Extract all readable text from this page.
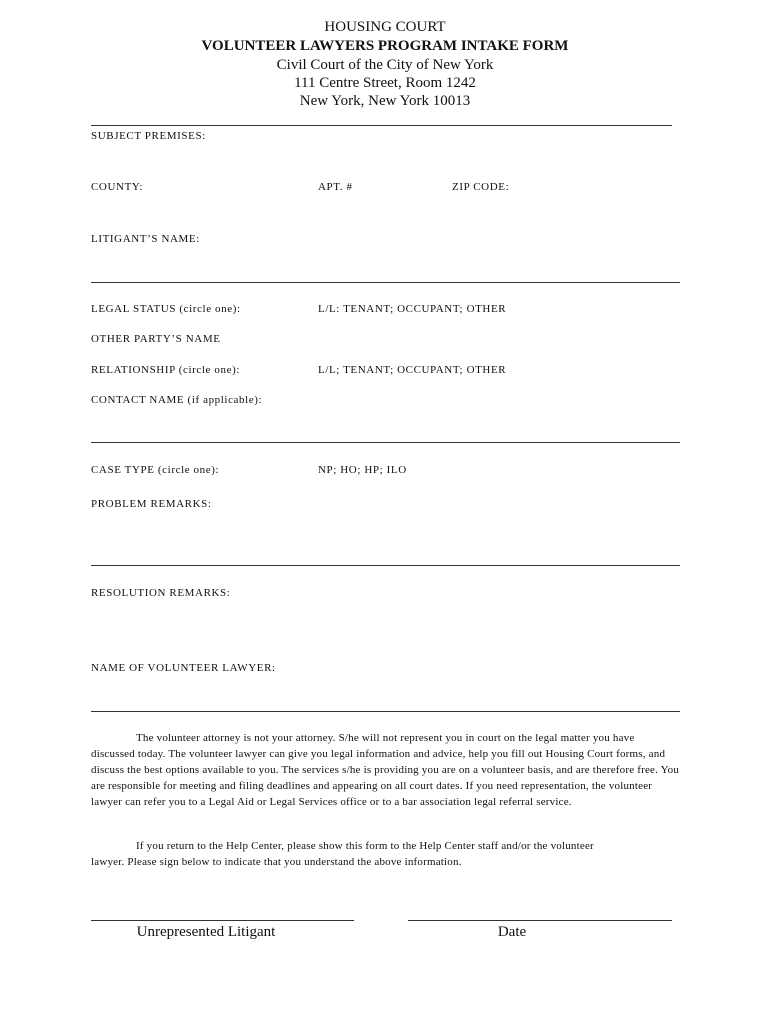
HOUSING COURT
VOLUNTEER LAWYERS PROGRAM INTAKE FORM
Civil Court of the City of New York
111 Centre Street, Room 1242
New York, New York 10013
SUBJECT PREMISES:
COUNTY:	APT. #	ZIP CODE:
LITIGANT’S NAME:
LEGAL STATUS (circle one):	L/L: TENANT; OCCUPANT; OTHER
OTHER PARTY’S NAME
RELATIONSHIP (circle one):	L/L; TENANT; OCCUPANT; OTHER
CONTACT NAME (if applicable):
CASE TYPE (circle one):	NP; HO; HP; ILO
PROBLEM REMARKS:
RESOLUTION REMARKS:
NAME OF VOLUNTEER LAWYER:
The volunteer attorney is not your attorney. S/he will not represent you in court on the legal matter you have discussed today. The volunteer lawyer can give you legal information and advice, help you fill out Housing Court forms, and discuss the best options available to you. The services s/he is providing you are on a volunteer basis, and are therefore free. You are responsible for meeting and filing deadlines and appearing on all court dates. If you need representation, the volunteer lawyer can refer you to a Legal Aid or Legal Services office or to a bar association legal referral service.
If you return to the Help Center, please show this form to the Help Center staff and/or the volunteer lawyer. Please sign below to indicate that you understand the above information.
Unrepresented Litigant	Date
